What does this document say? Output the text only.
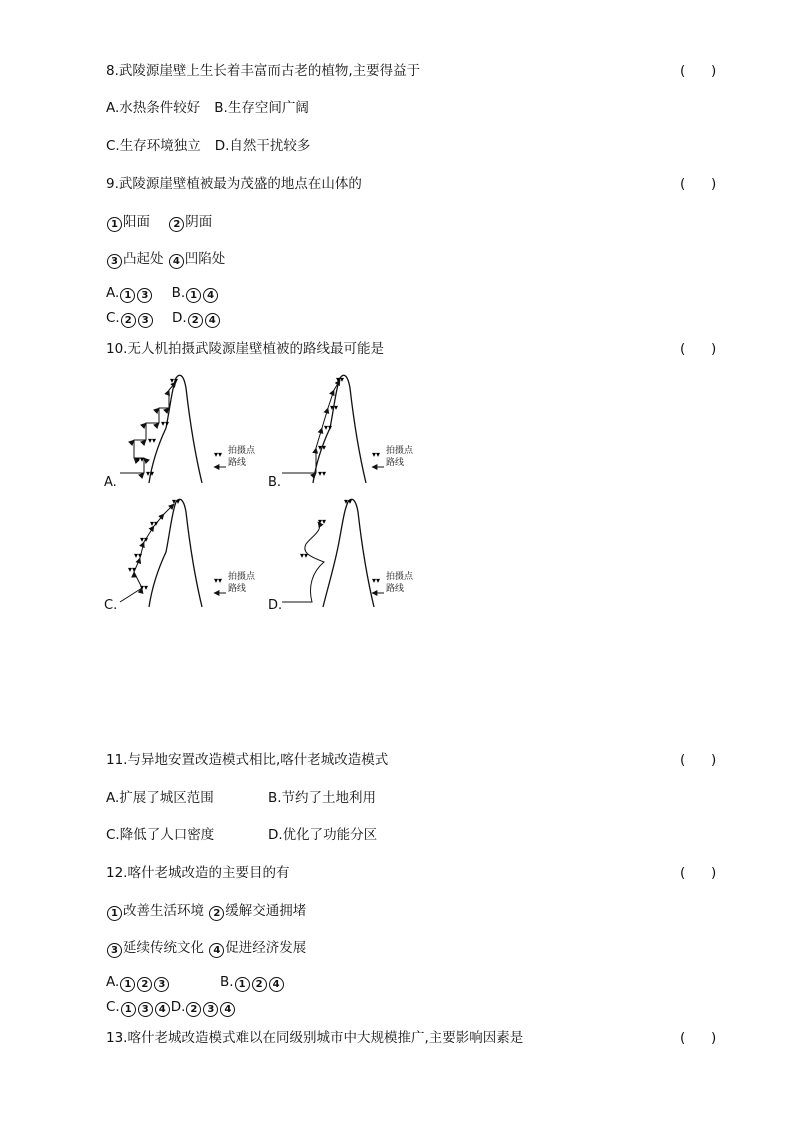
8.武陵源崖壁上生长着丰富而古老的植物,主要得益于	(      )
A.水热条件较好 B.生存空间广阔
C.生存环境独立 D.自然干扰较多
9.武陵源崖壁植被最为茂盛的地点在山体的	(      )
1 阳面 2 阴面
3 凸起处 4 凹陷处
A. 1 3 B. 1 4
C. 2 3 D. 2 4
10.无人机拍摄武陵源崖壁植被的路线最可能是	(      )
▾▾
▾▾
▾▾
▾▾
▾▾
A.
▾▾ 拍摄点
路线
▾▾
▾▾
▾▾
▾▾
▾▾
B.
▾▾ 拍摄点
路线
▾▾
▾▾
▾▾
▾▾
▾▾
▾▾
C.
▾▾ 拍摄点
路线
▾▾
▾▾
▾▾
D.
▾▾ 拍摄点
路线
11.与异地安置改造模式相比,喀什老城改造模式	(      )
A.扩展了城区范围	B.节约了土地利用
C.降低了人口密度	D.优化了功能分区
12.喀什老城改造的主要目的有	(      )
1 改善生活环境 2 缓解交通拥堵
3 延续传统文化 4 促进经济发展
A. 1 2 3	B. 1 2 4
C. 1 3 4 D. 2 3 4
13.喀什老城改造模式难以在同级别城市中大规模推广,主要影响因素是	(      )
